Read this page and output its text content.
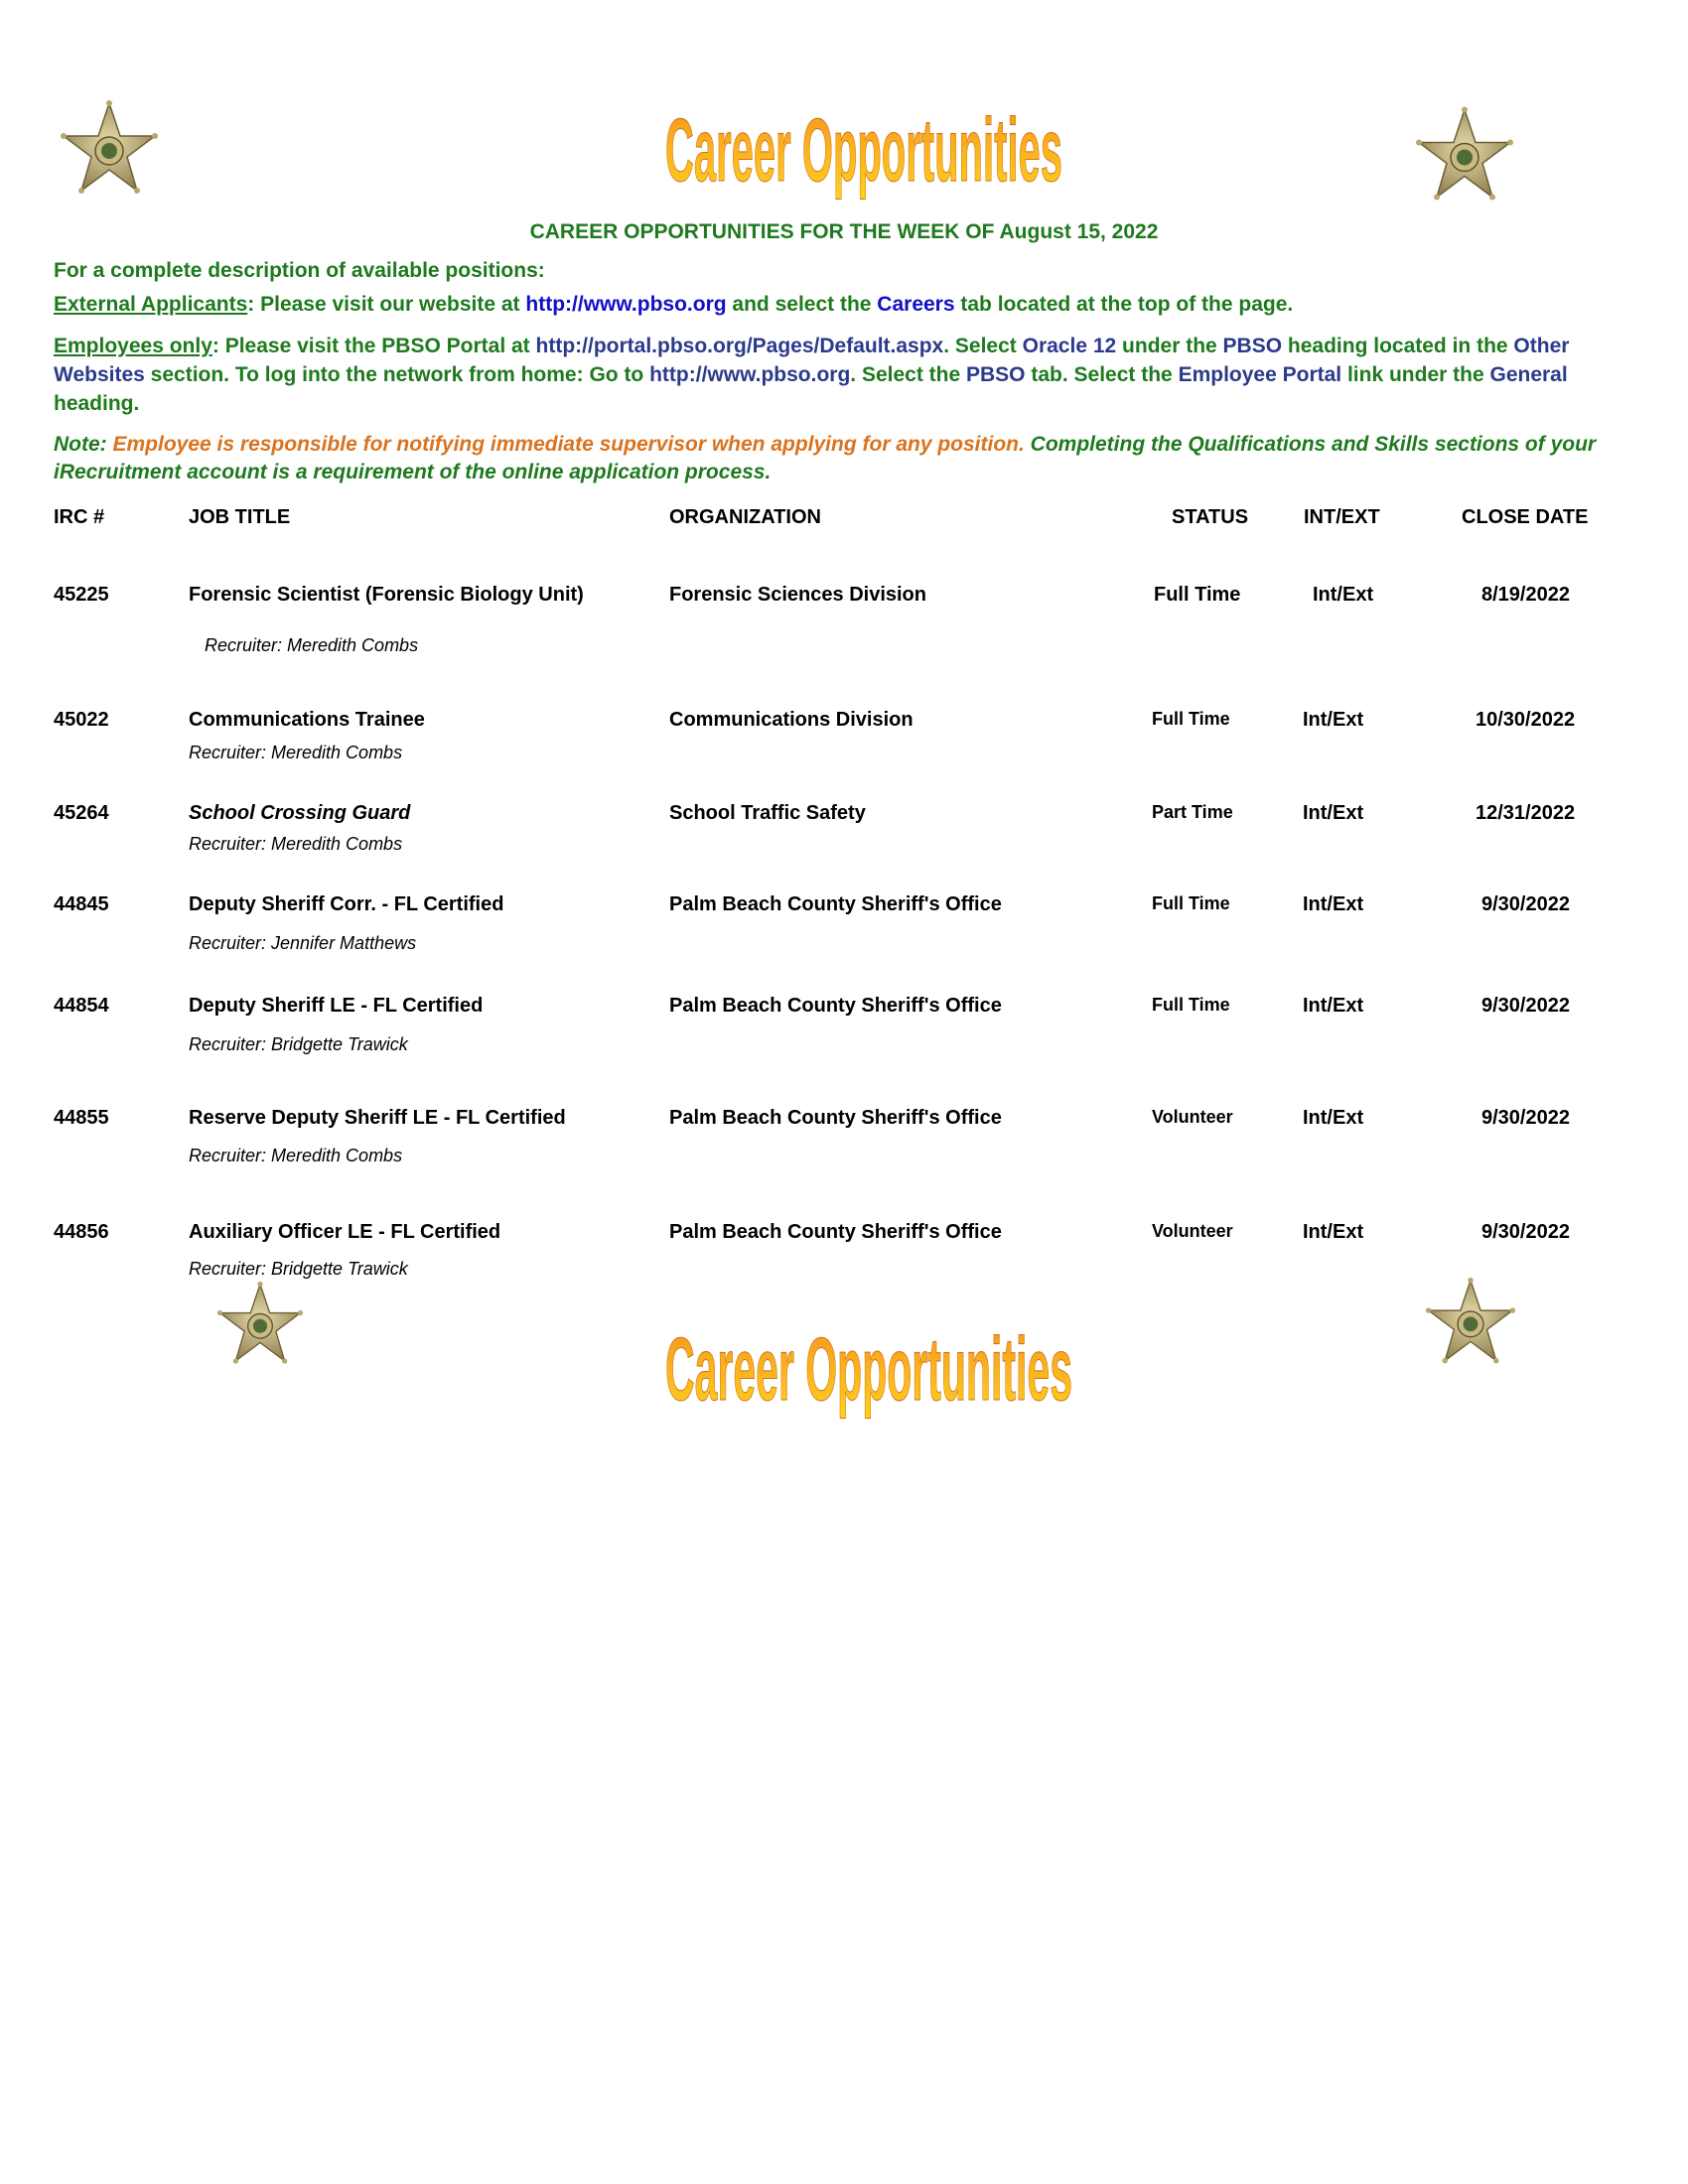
Career Opportunities
Career Opportunities
CAREER OPPORTUNITIES FOR THE WEEK OF August 15, 2022
For a complete description of available positions:
External Applicants: Please visit our website at http://www.pbso.org and select the Careers tab located at the top of the page.
Employees only: Please visit the PBSO Portal at http://portal.pbso.org/Pages/Default.aspx. Select Oracle 12 under the PBSO heading located in the Other Websites section. To log into the network from home: Go to http://www.pbso.org. Select the PBSO tab. Select the Employee Portal link under the General heading.
Note: Employee is responsible for notifying immediate supervisor when applying for any position. Completing the Qualifications and Skills sections of your iRecruitment account is a requirement of the online application process.
IRC #	JOB TITLE	ORGANIZATION	STATUS	INT/EXT	CLOSE DATE
45225	Forensic Scientist (Forensic Biology Unit)	Forensic Sciences Division	Full Time	Int/Ext	8/19/2022
Recruiter: Meredith Combs
45022	Communications Trainee	Communications Division	Full Time	Int/Ext	10/30/2022
Recruiter: Meredith Combs
45264	School Crossing Guard	School Traffic Safety	Part Time	Int/Ext	12/31/2022
Recruiter: Meredith Combs
44845	Deputy Sheriff Corr. - FL Certified	Palm Beach County Sheriff's Office	Full Time	Int/Ext	9/30/2022
Recruiter: Jennifer Matthews
44854	Deputy Sheriff LE - FL Certified	Palm Beach County Sheriff's Office	Full Time	Int/Ext	9/30/2022
Recruiter: Bridgette Trawick
44855	Reserve Deputy Sheriff LE - FL Certified	Palm Beach County Sheriff's Office	Volunteer	Int/Ext	9/30/2022
Recruiter: Meredith Combs
44856	Auxiliary Officer LE - FL Certified	Palm Beach County Sheriff's Office	Volunteer	Int/Ext	9/30/2022
Recruiter: Bridgette Trawick
